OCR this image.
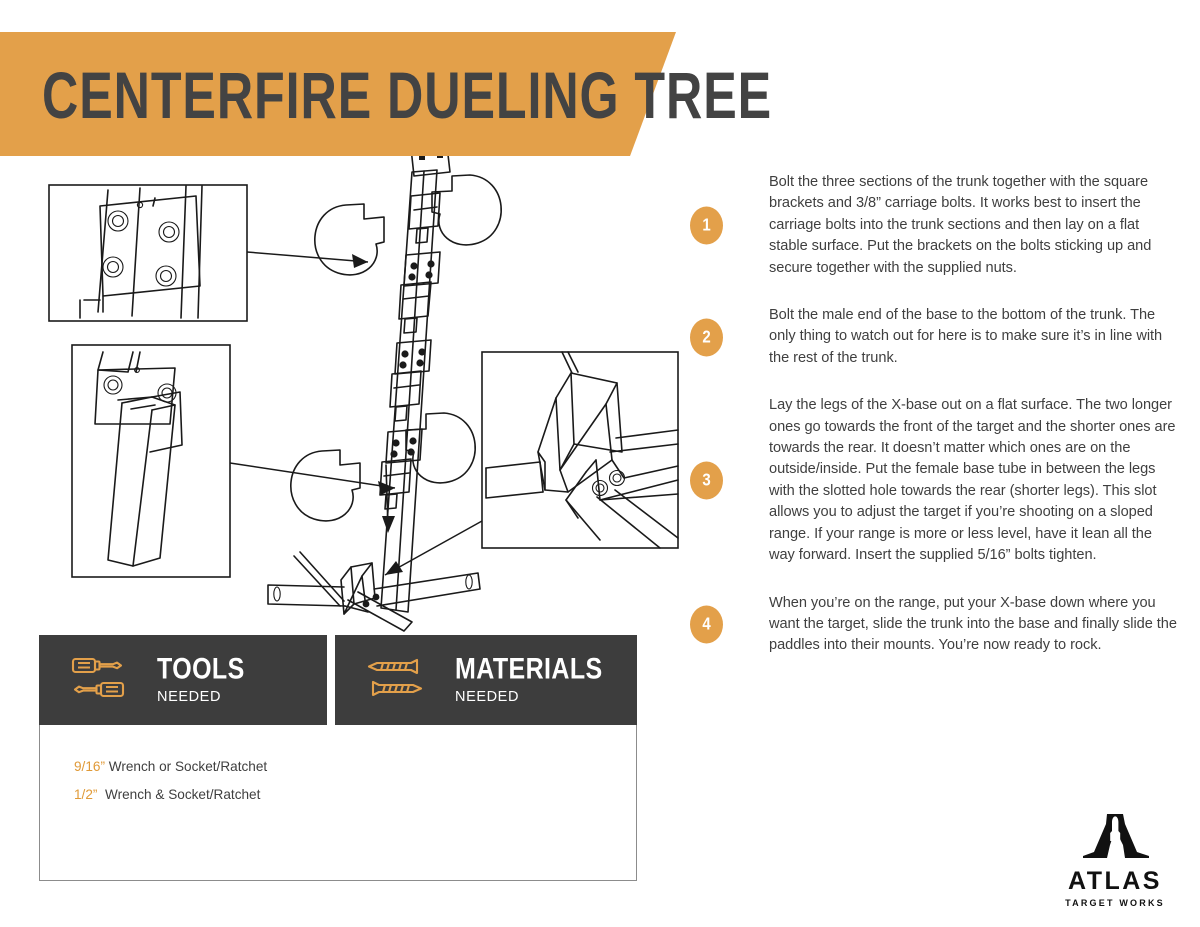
CENTERFIRE DUELING TREE
1
Bolt the three sections of the trunk together with the square brackets and 3/8” carriage bolts. It works best to insert the carriage bolts into the trunk sections and then lay on a flat stable surface. Put the brackets on the bolts sticking up and secure together with the supplied nuts.
2
Bolt the male end of the base to the bottom of the trunk. The only thing to watch out for here is to make sure it’s in line with the rest of the trunk.
3
Lay the legs of the X-base out on a flat surface. The two longer ones go towards the front of the target and the shorter ones are towards the rear. It doesn’t matter which ones are on the outside/inside. Put the female base tube in between the legs with the slotted hole towards the rear (shorter legs). This slot allows you to adjust the target if you’re shooting on a sloped range. If your range is more or less level, have it lean all the way forward. Insert the supplied 5/16” bolts tighten.
4
When you’re on the range, put your X-base down where you want the target, slide the trunk into the base and finally slide the paddles into their mounts. You’re now ready to rock.
TOOLS
NEEDED
MATERIALS
NEEDED
9/16” Wrench or Socket/Ratchet
1/2”  Wrench & Socket/Ratchet
ATLAS
TARGET WORKS
